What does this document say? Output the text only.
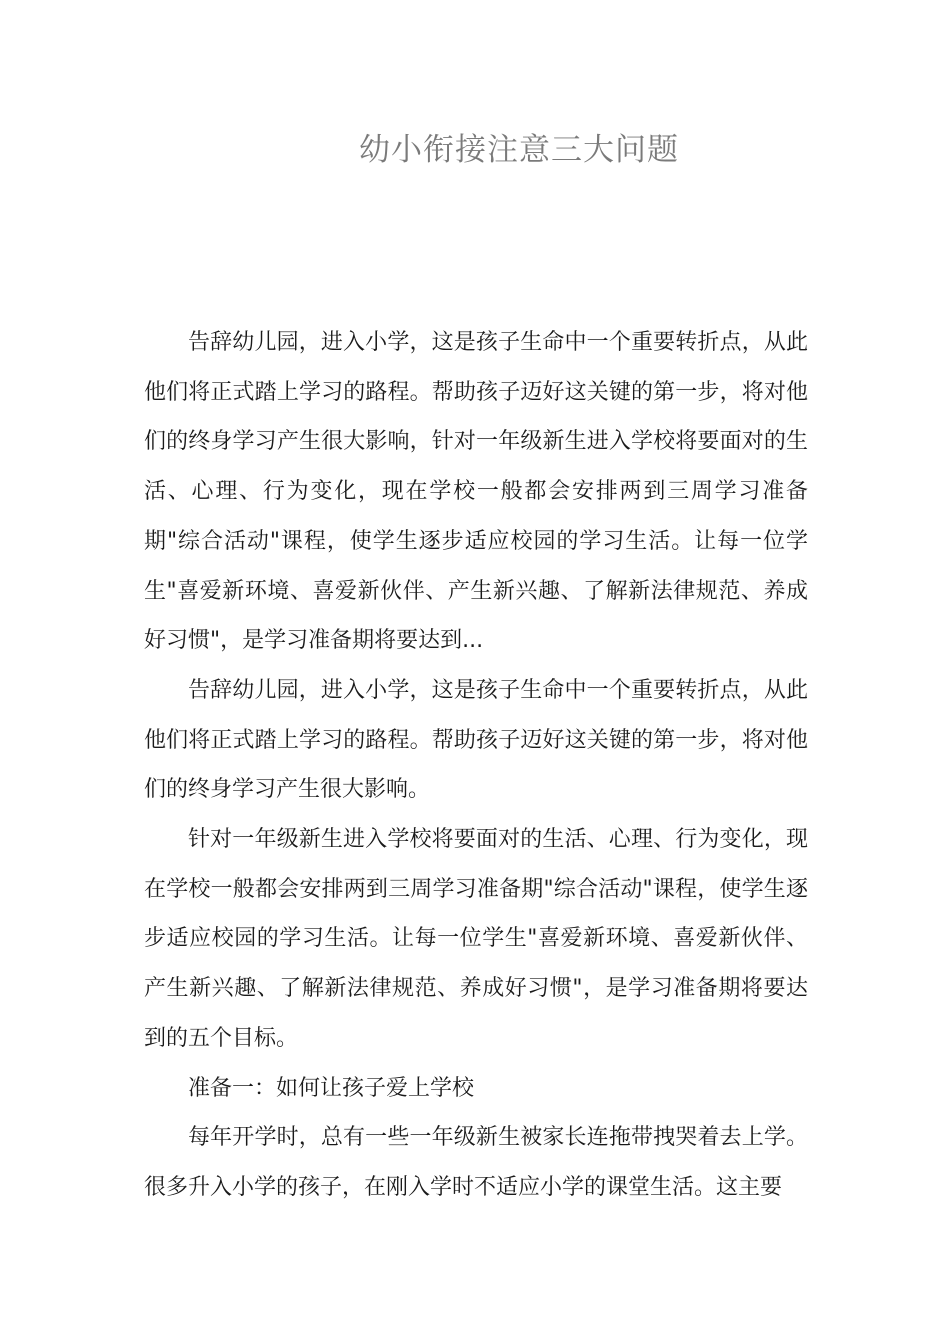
幼小衔接注意三大问题

告辞幼儿园，进入小学，这是孩子生命中一个重要转折点，从此他们将正式踏上学习的路程。帮助孩子迈好这关键的第一步，将对他们的终身学习产生很大影响，针对一年级新生进入学校将要面对的生活、心理、行为变化，现在学校一般都会安排两到三周学习准备期"综合活动"课程，使学生逐步适应校园的学习生活。让每一位学生"喜爱新环境、喜爱新伙伴、产生新兴趣、了解新法律规范、养成好习惯"，是学习准备期将要达到...

告辞幼儿园，进入小学，这是孩子生命中一个重要转折点，从此他们将正式踏上学习的路程。帮助孩子迈好这关键的第一步，将对他们的终身学习产生很大影响。

针对一年级新生进入学校将要面对的生活、心理、行为变化，现在学校一般都会安排两到三周学习准备期"综合活动"课程，使学生逐步适应校园的学习生活。让每一位学生"喜爱新环境、喜爱新伙伴、产生新兴趣、了解新法律规范、养成好习惯"，是学习准备期将要达到的五个目标。

准备一：如何让孩子爱上学校

每年开学时，总有一些一年级新生被家长连拖带拽哭着去上学。很多升入小学的孩子，在刚入学时不适应小学的课堂生活。这主要
